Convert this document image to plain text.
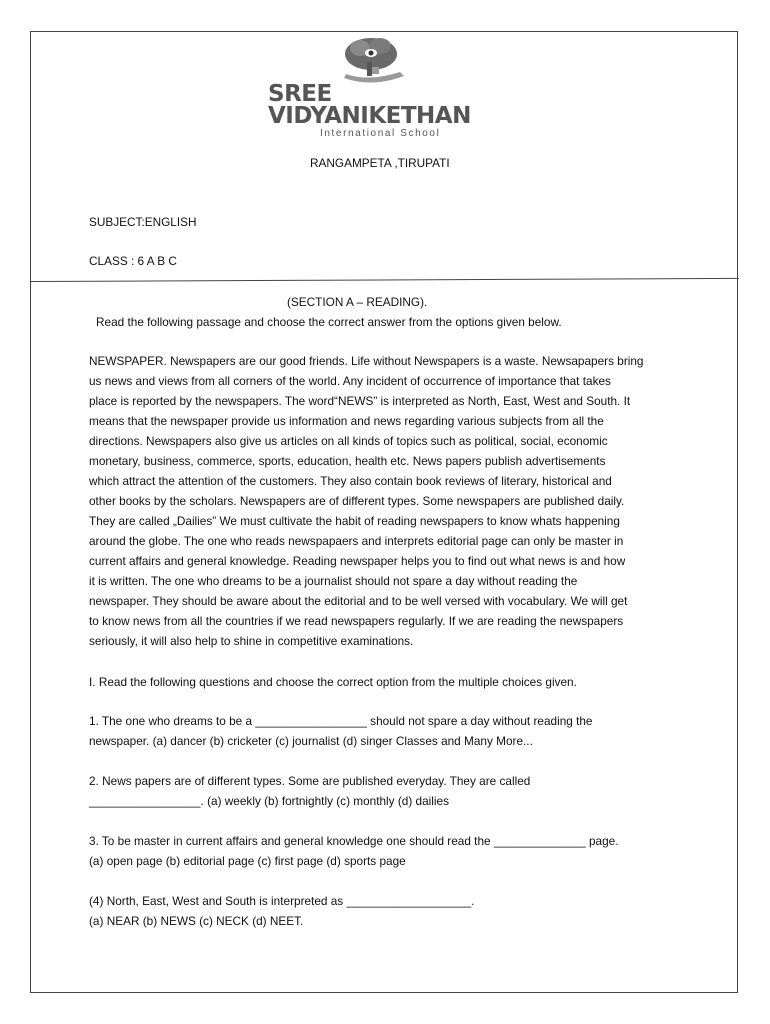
SREE
VIDYANIKETHAN
International School
RANGAMPETA ,TIRUPATI
SUBJECT:ENGLISH
CLASS : 6 A B C
(SECTION A – READING).
Read the following passage and choose the correct answer from the options given below.
NEWSPAPER. Newspapers are our good friends. Life without Newspapers is a waste. Newsapapers bring
us news and views from all corners of the world. Any incident of occurrence of importance that takes
place is reported by the newspapers. The word“NEWS” is interpreted as North, East, West and South. It
means that the newspaper provide us information and news regarding various subjects from all the
directions. Newspapers also give us articles on all kinds of topics such as political, social, economic
monetary, business, commerce, sports, education, health etc. News papers publish advertisements
which attract the attention of the customers. They also contain book reviews of literary, historical and
other books by the scholars. Newspapers are of different types. Some newspapers are published daily.
They are called „Dailies” We must cultivate the habit of reading newspapers to know whats happening
around the globe. The one who reads newspapaers and interprets editorial page can only be master in
current affairs and general knowledge. Reading newspaper helps you to find out what news is and how
it is written. The one who dreams to be a journalist should not spare a day without reading the
newspaper. They should be aware about the editorial and to be well versed with vocabulary. We will get
to know news from all the countries if we read newspapers regularly. If we are reading the newspapers
seriously, it will also help to shine in competitive examinations.
I. Read the following questions and choose the correct option from the multiple choices given.
1. The one who dreams to be a _________________ should not spare a day without reading the
newspaper. (a) dancer (b) cricketer (c) journalist (d) singer Classes and Many More...
2. News papers are of different types. Some are published everyday. They are called
_________________. (a) weekly (b) fortnightly (c) monthly (d) dailies
3. To be master in current affairs and general knowledge one should read the ______________ page.
(a) open page (b) editorial page (c) first page (d) sports page
(4) North, East, West and South is interpreted as ___________________.
(a) NEAR (b) NEWS (c) NECK (d) NEET.
